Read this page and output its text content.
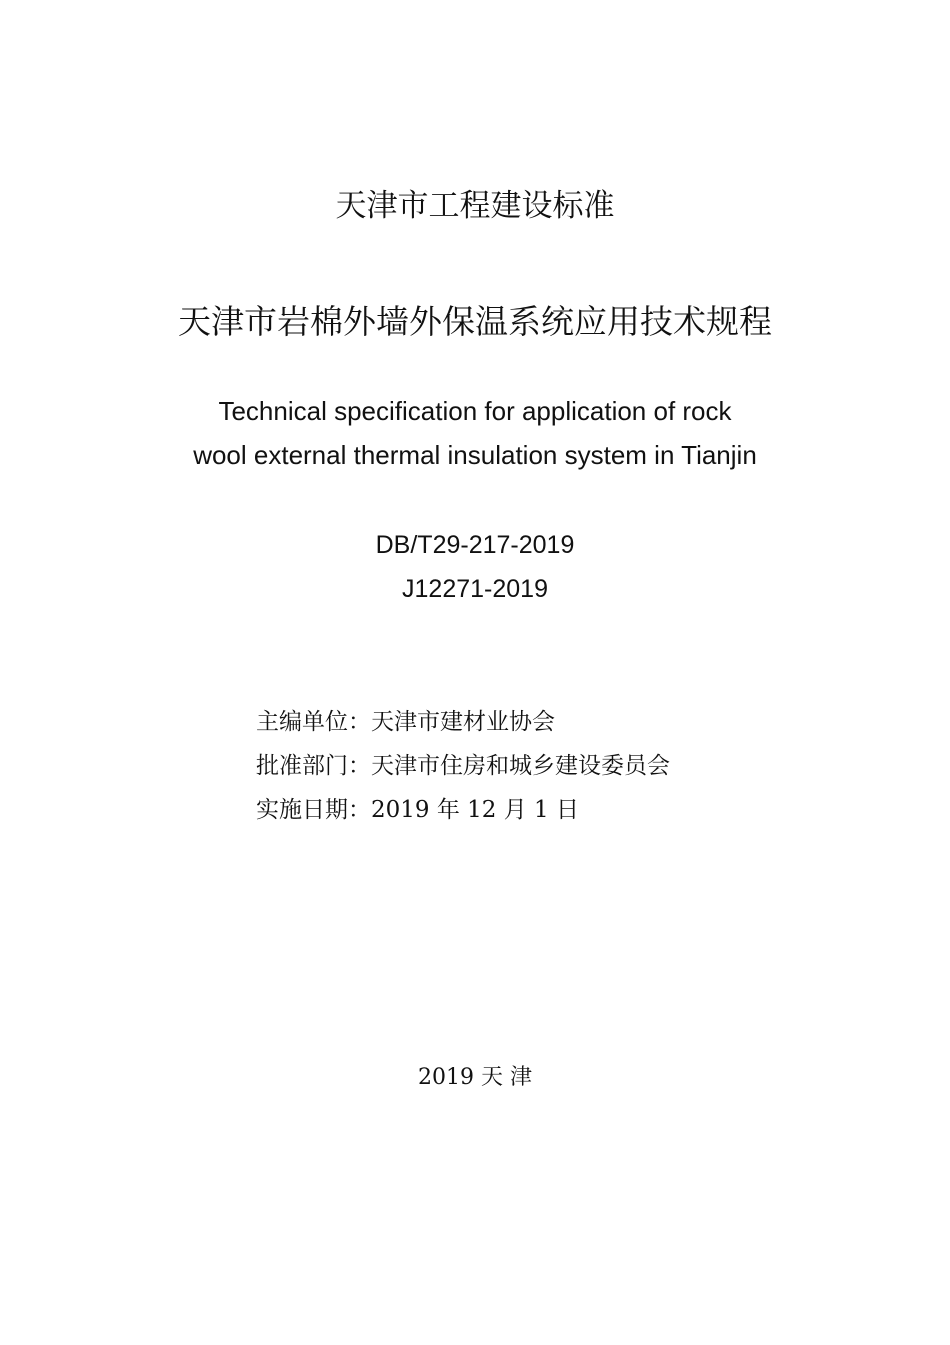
天津市工程建设标准
天津市岩棉外墙外保温系统应用技术规程
Technical specification for application of rock
wool external thermal insulation system in Tianjin
DB/T29-217-2019
J12271-2019
主编单位：天津市建材业协会
批准部门：天津市住房和城乡建设委员会
实施日期：2019 年 12 月 1 日
2019 天 津
